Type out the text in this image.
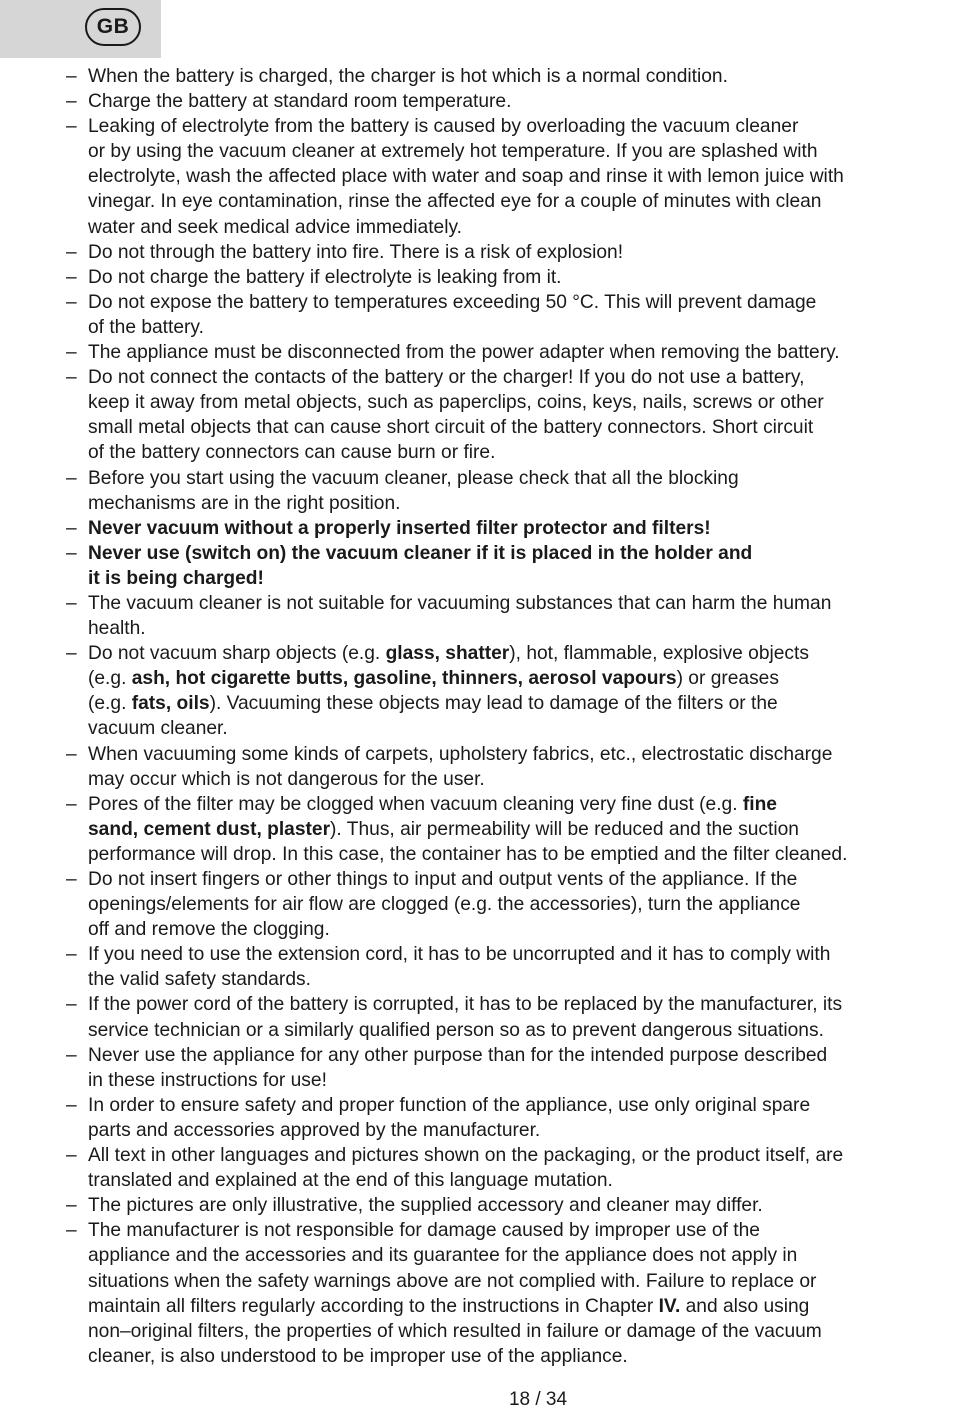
GB
– When the battery is charged, the charger is hot which is a normal condition.
– Charge the battery at standard room temperature.
– Leaking of electrolyte from the battery is caused by overloading the vacuum cleaner
or by using the vacuum cleaner at extremely hot temperature. If you are splashed with
electrolyte, wash the affected place with water and soap and rinse it with lemon juice with
vinegar. In eye contamination, rinse the affected eye for a couple of minutes with clean
water and seek medical advice immediately.
– Do not through the battery into fire. There is a risk of explosion!
– Do not charge the battery if electrolyte is leaking from it.
– Do not expose the battery to temperatures exceeding 50 °C. This will prevent damage
of the battery.
– The appliance must be disconnected from the power adapter when removing the battery.
– Do not connect the contacts of the battery or the charger! If you do not use a battery,
keep it away from metal objects, such as paperclips, coins, keys, nails, screws or other
small metal objects that can cause short circuit of the battery connectors. Short circuit
of the battery connectors can cause burn or fire.
– Before you start using the vacuum cleaner, please check that all the blocking
mechanisms are in the right position.
– Never vacuum without a properly inserted filter protector and filters!
– Never use (switch on) the vacuum cleaner if it is placed in the holder and
it is being charged!
– The vacuum cleaner is not suitable for vacuuming substances that can harm the human
health.
– Do not vacuum sharp objects (e.g. glass, shatter), hot, flammable, explosive objects
(e.g. ash, hot cigarette butts, gasoline, thinners, aerosol vapours) or greases
(e.g. fats, oils). Vacuuming these objects may lead to damage of the filters or the
vacuum cleaner.
– When vacuuming some kinds of carpets, upholstery fabrics, etc., electrostatic discharge
may occur which is not dangerous for the user.
– Pores of the filter may be clogged when vacuum cleaning very fine dust (e.g. fine
sand, cement dust, plaster). Thus, air permeability will be reduced and the suction
performance will drop. In this case, the container has to be emptied and the filter cleaned.
– Do not insert fingers or other things to input and output vents of the appliance. If the
openings/elements for air flow are clogged (e.g. the accessories), turn the appliance
off and remove the clogging.
– If you need to use the extension cord, it has to be uncorrupted and it has to comply with
the valid safety standards.
– If the power cord of the battery is corrupted, it has to be replaced by the manufacturer, its
service technician or a similarly qualified person so as to prevent dangerous situations.
– Never use the appliance for any other purpose than for the intended purpose described
in these instructions for use!
– In order to ensure safety and proper function of the appliance, use only original spare
parts and accessories approved by the manufacturer.
– All text in other languages and pictures shown on the packaging, or the product itself, are
translated and explained at the end of this language mutation.
– The pictures are only illustrative, the supplied accessory and cleaner may differ.
– The manufacturer is not responsible for damage caused by improper use of the
appliance and the accessories and its guarantee for the appliance does not apply in
situations when the safety warnings above are not complied with. Failure to replace or
maintain all filters regularly according to the instructions in Chapter IV. and also using
non–original filters, the properties of which resulted in failure or damage of the vacuum
cleaner, is also understood to be improper use of the appliance.
18 / 34
